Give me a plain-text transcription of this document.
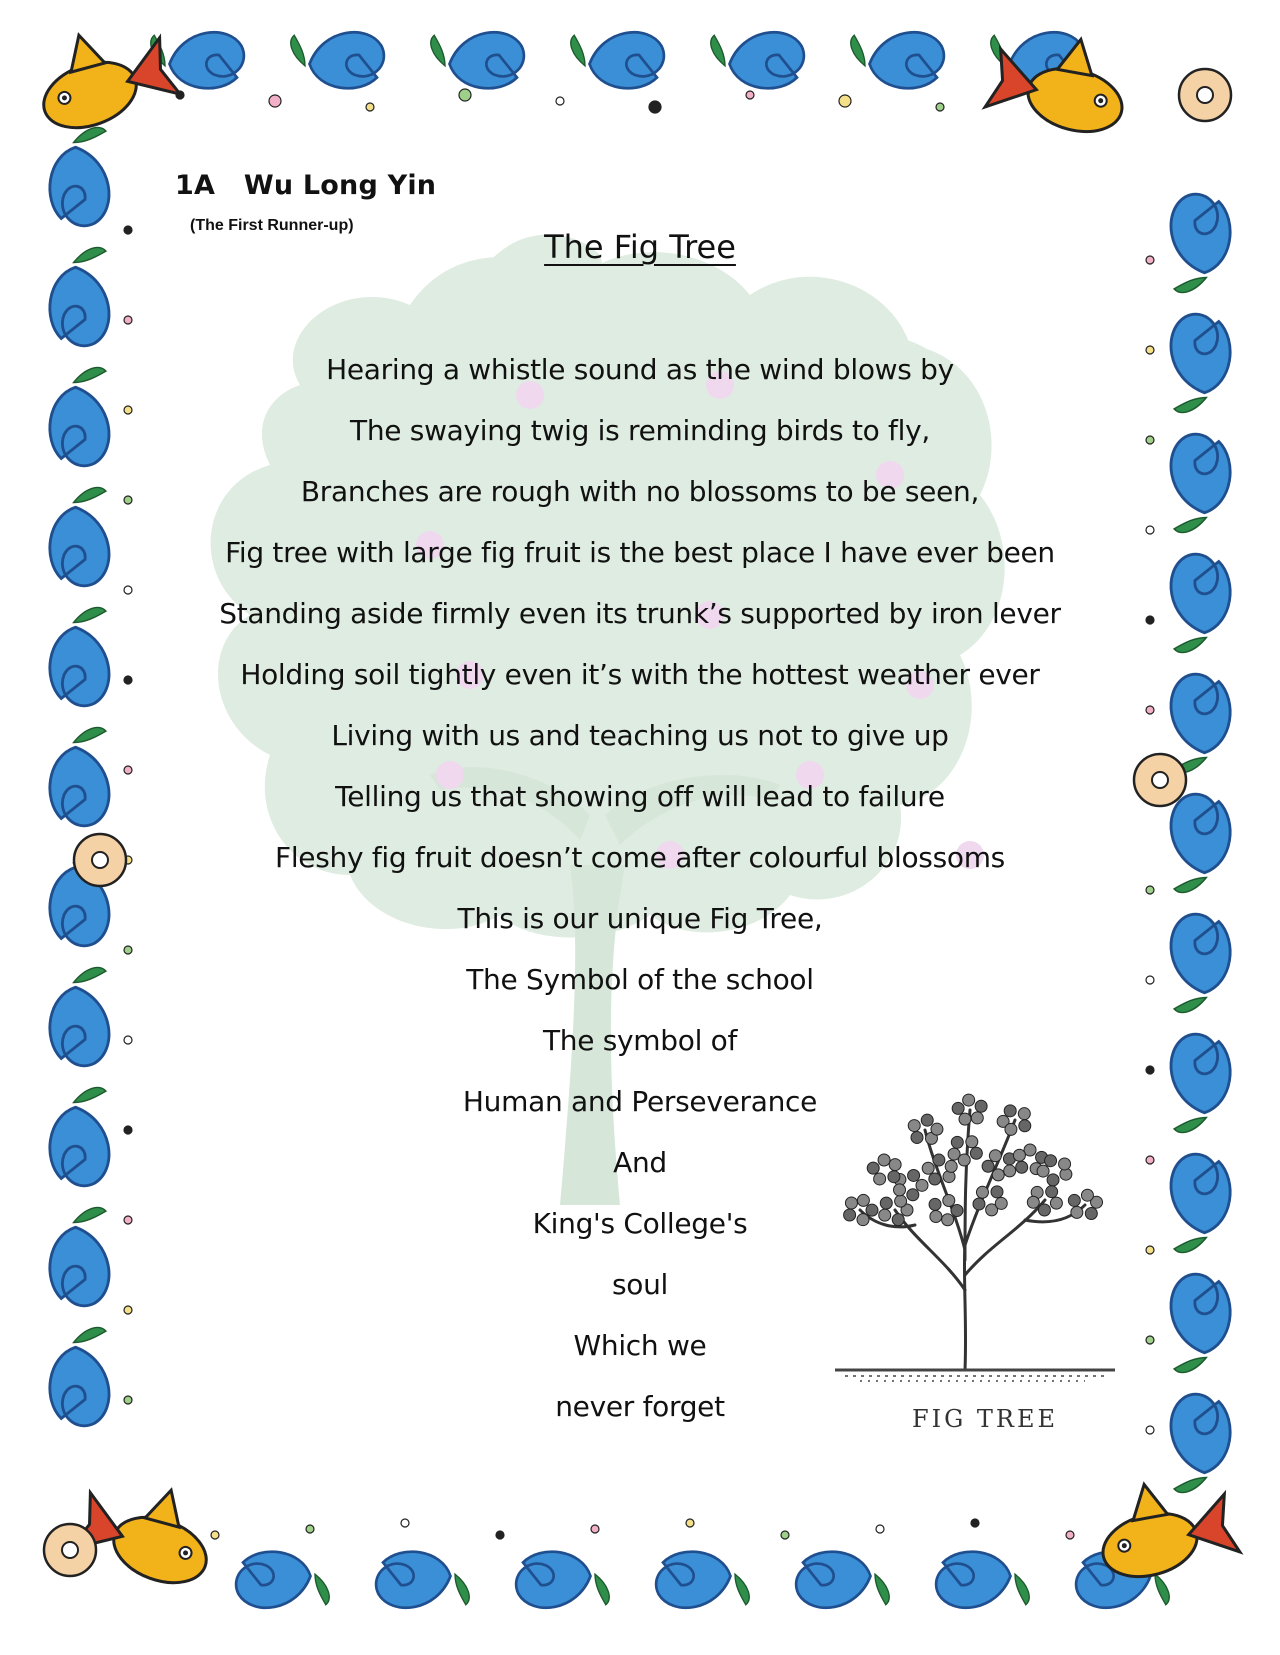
1A   Wu Long Yin
(The First Runner-up)
The Fig Tree
Hearing a whistle sound as the wind blows by
The swaying twig is reminding birds to fly,
Branches are rough with no blossoms to be seen,
Fig tree with large fig fruit is the best place I have ever been
Standing aside firmly even its trunk’s supported by iron lever
Holding soil tightly even it’s with the hottest weather ever
Living with us and teaching us not to give up
Telling us that showing off will lead to failure
Fleshy fig fruit doesn’t come after colourful blossoms
This is our unique Fig Tree,
The Symbol of the school
The symbol of
Human and Perseverance
And
King's College's
soul
Which we
never forget	FIG TREE
